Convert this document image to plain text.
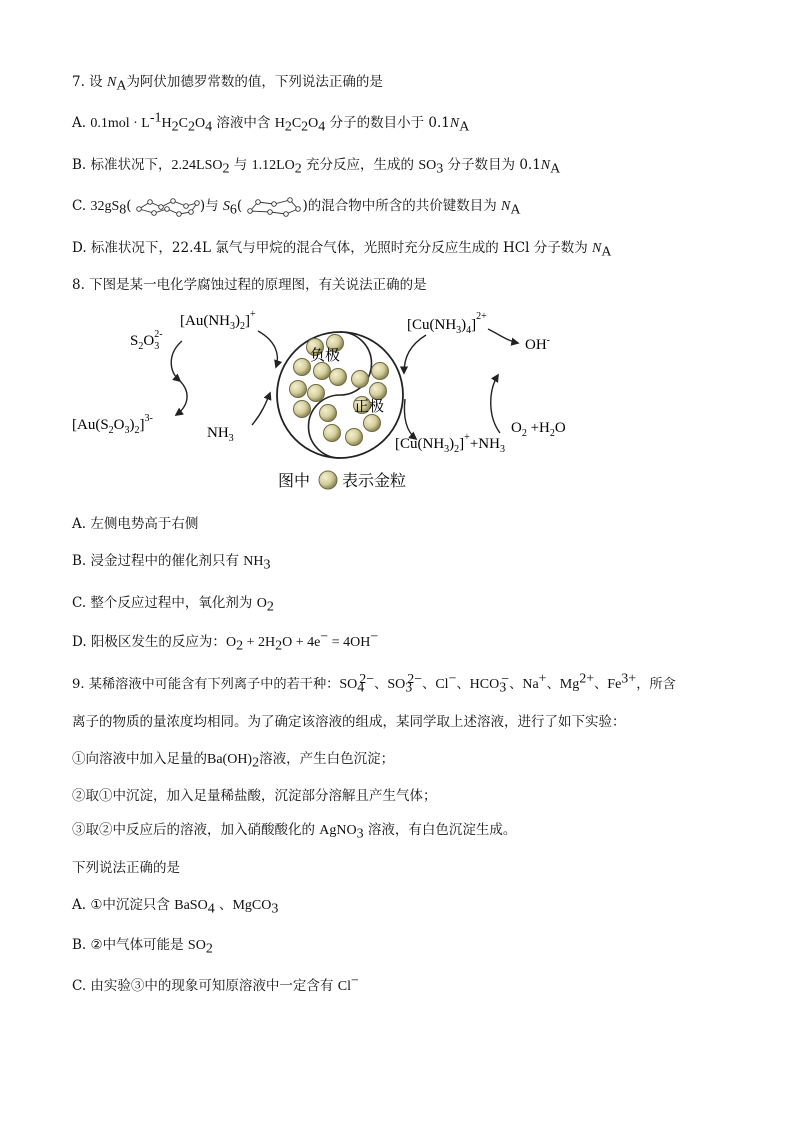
7. 设 $N_A$为阿伏加德罗常数的值，下列说法正确的是
A. $0.1mol \cdot L^{-1}H_2C_2O_4$ 溶液中含 $H_2C_2O_4$ 分子的数目小于 $0.1N_A$
B. 标准状况下，$2.24LSO_2$ 与 $1.12LO_2$ 充分反应，生成的 $SO_3$ 分子数目为 $0.1N_A$
C. $32gS_8$(	)与 $S_6$(	)的混合物中所含的共价键数目为 $N_A$
D. 标准状况下，22.4L 氯气与甲烷的混合气体，光照时充分反应生成的 HCl 分子数为 $N_A$
8. 下图是某一电化学腐蚀过程的原理图，有关说法正确的是
负极
正极
$S_2O_32-$
$[Au(NH_3)_2]^+$
$[Au(S_2O_3)_2]^{3-}$
$NH_3$
$[Cu(NH_3)_4]^{2+}$
OH-
$[Cu(NH_3)_2]^++NH_3$
$O_2 +H_2O$
图中 表示金粒
A. 左侧电势高于右侧
B. 浸金过程中的催化剂只有 $NH_3$
C. 整个反应过程中，氧化剂为 $O_2$
D. 阳极区发生的反应为：$O_2 + 2H_2O + 4e^- = 4OH^-$
9. 某稀溶液中可能含有下列离子中的若干种：$SO_4^{2-}$、$SO_3^{2-}$、Cl−、$HCO_3^-$、Na+、$Mg^{2+}$、$Fe^{3+}$，所含
离子的物质的量浓度均相同。为了确定该溶液的组成，某同学取上述溶液，进行了如下实验：
①向溶液中加入足量的$Ba(OH)_2$溶液，产生白色沉淀；
②取①中沉淀，加入足量稀盐酸，沉淀部分溶解且产生气体；
③取②中反应后的溶液，加入硝酸酸化的 AgNO$_3$ 溶液，有白色沉淀生成。
下列说法正确的是
A. ①中沉淀只含 BaSO$_4$ 、MgCO$_3$
B. ②中气体可能是 $SO_2$
C. 由实验③中的现象可知原溶液中一定含有 Cl−
